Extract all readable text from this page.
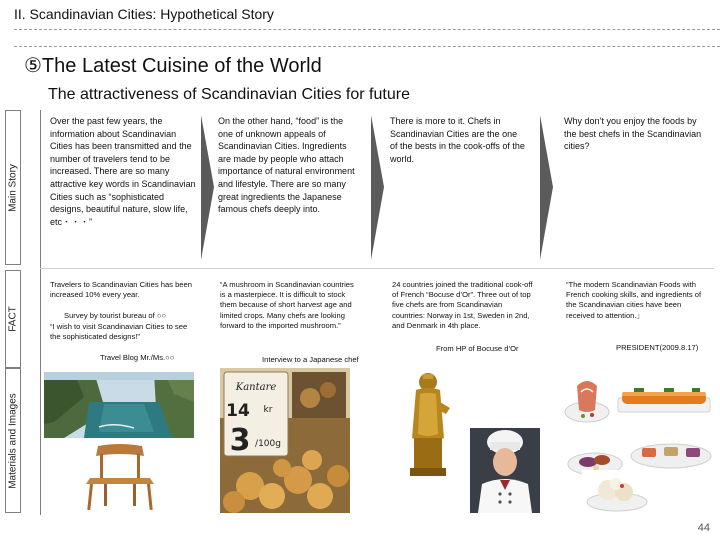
II. Scandinavian Cities: Hypothetical Story
⑤The Latest Cuisine of the World
The attractiveness of Scandinavian Cities for future
Main Story
FACT
Materials and Images
Over the past few years, the information about Scandinavian Cities has been transmitted and the number of travelers tend to be increased. There are so many attractive key words in Scandinavian Cities such as “sophisticated designs, beautiful nature, slow life, etc・・・”
On the other hand, “food” is the one of unknown appeals of Scandinavian Cities. Ingredients are made by people who attach importance of natural environment and lifestyle. There are so many great ingredients the Japanese famous chefs deeply into.
There is more to it. Chefs in Scandinavian Cities are the one of the bests in the cook-offs of the world.
Why don’t you enjoy the foods by the best chefs in the Scandinavian cities?
Travelers to Scandinavian Cities has been increased 10% every year.
Survey by tourist bureau of ○○
“I wish to visit Scandinavian Cities to see the sophisticated designs!”
Travel Blog Mr./Ms.○○
“A mushroom in Scandinavian countries is a masterpiece. It is difficult to stock them because of short harvest age and limited crops. Many chefs are looking forward to the imported mushroom.”
Interview to a Japanese chef
24 countries joined the traditional cook-off of French “Bocuse d’Or”. Three out of top five chefs are from Scandinavian countries: Norway in 1st, Sweden in 2nd, and Denmark in 4th place.
From HP of Bocuse d’Or
“The modern Scandinavian Foods with French cooking skills, and ingredients of the Scandinavian cities have been received to attention.」
PRESIDENT(2009.8.17)
Kantare
14 kr
3 /100g
44
